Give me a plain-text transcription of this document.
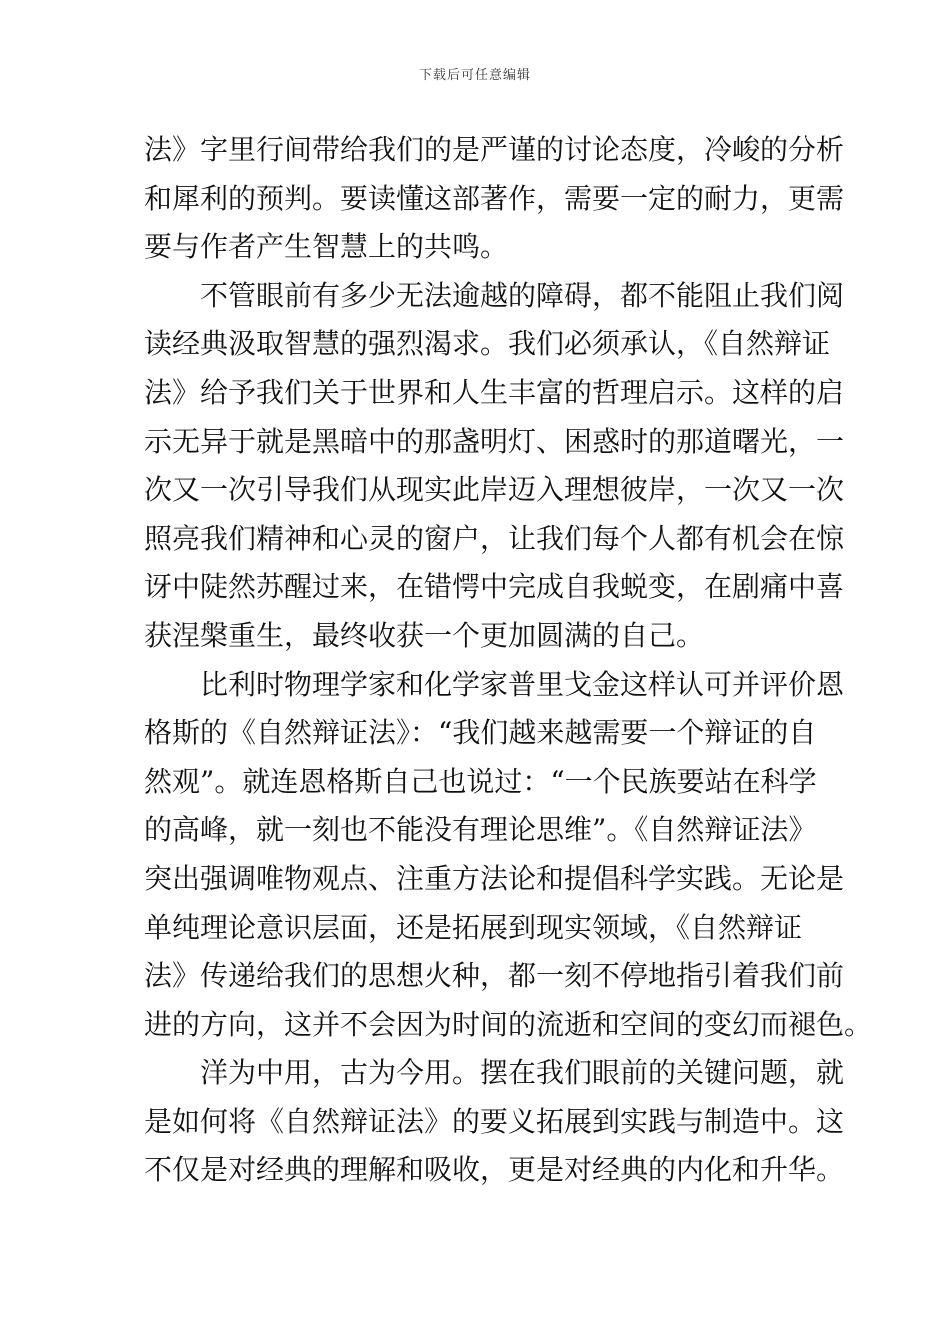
下载后可任意编辑
法》字里行间带给我们的是严谨的讨论态度，冷峻的分析
和犀利的预判。要读懂这部著作，需要一定的耐力，更需
要与作者产生智慧上的共鸣。
不管眼前有多少无法逾越的障碍，都不能阻止我们阅
读经典汲取智慧的强烈渴求。我们必须承认，《自然辩证
法》给予我们关于世界和人生丰富的哲理启示。这样的启
示无异于就是黑暗中的那盏明灯、困惑时的那道曙光，一
次又一次引导我们从现实此岸迈入理想彼岸，一次又一次
照亮我们精神和心灵的窗户，让我们每个人都有机会在惊
讶中陡然苏醒过来，在错愕中完成自我蜕变，在剧痛中喜
获涅槃重生，最终收获一个更加圆满的自己。
比利时物理学家和化学家普里戈金这样认可并评价恩
格斯的《自然辩证法》：“我们越来越需要一个辩证的自
然观”。就连恩格斯自己也说过：“一个民族要站在科学
的高峰，就一刻也不能没有理论思维”。《自然辩证法》
突出强调唯物观点、注重方法论和提倡科学实践。无论是
单纯理论意识层面，还是拓展到现实领域，《自然辩证
法》传递给我们的思想火种，都一刻不停地指引着我们前
进的方向，这并不会因为时间的流逝和空间的变幻而褪色。
洋为中用，古为今用。摆在我们眼前的关键问题，就
是如何将《自然辩证法》的要义拓展到实践与制造中。这
不仅是对经典的理解和吸收，更是对经典的内化和升华。
